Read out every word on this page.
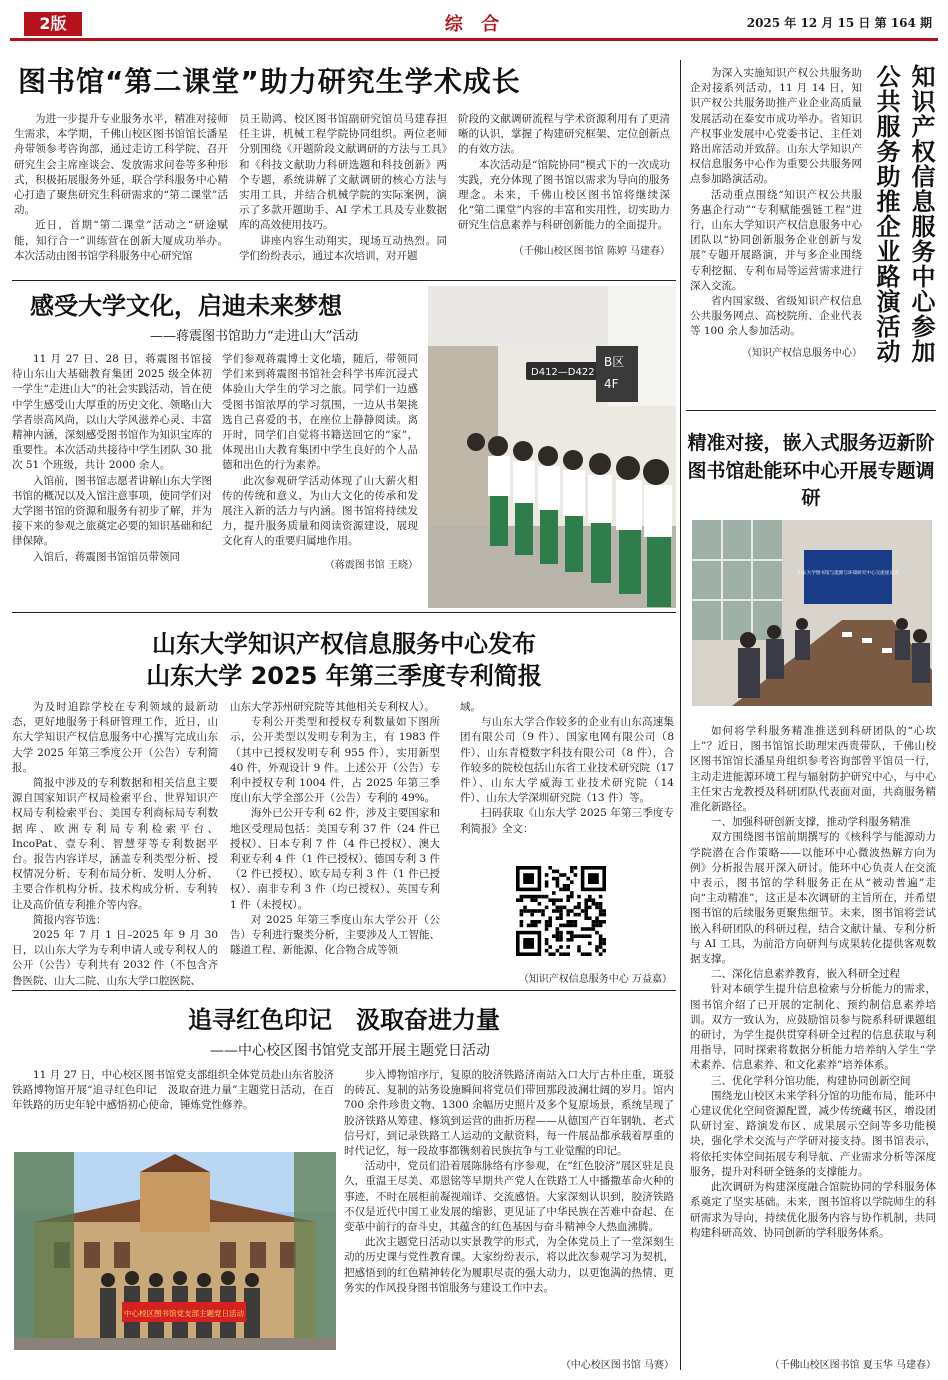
2版	综 合	2025 年 12 月 15 日 第 164 期
图书馆“第二课堂”助力研究生学术成长

为进一步提升专业服务水平，精准对接师生需求，本学期，千佛山校区图书馆馆长潘星舟带领参考咨询部，通过走访工科学院、召开研究生会主席座谈会、发放需求问卷等多种形式，积极拓展服务外延，联合学科服务中心精心打造了聚焦研究生科研需求的“第二课堂”活动。

近日，首期“第二课堂”活动之“研途赋能，知行合一”训练营在创新大厦成功举办。本次活动由图书馆学科服务中心研究馆

员王勋鸿、校区图书馆副研究馆员马建春担任主讲，机械工程学院协同组织。两位老师分别围绕《开题阶段文献调研的方法与工具》和《科技文献助力科研选题和科技创新》两个专题，系统讲解了文献调研的核心方法与实用工具，并结合机械学院的实际案例，演示了多款开题助手、AI 学术工具及专业数据库的高效使用技巧。

讲座内容生动翔实，现场互动热烈。同学们纷纷表示，通过本次培训，对开题

阶段的文献调研流程与学术资源利用有了更清晰的认识，掌握了构建研究框架、定位创新点的有效方法。

本次活动是“馆院协同”模式下的一次成功实践，充分体现了图书馆以需求为导向的服务理念。未来，千佛山校区图书馆将继续深化“第二课堂”内容的丰富和实用性，切实助力研究生信息素养与科研创新能力的全面提升。

（千佛山校区图书馆 陈婷 马建春）

为深入实施知识产权公共服务助企对接系列活动，11 月 14 日，知识产权公共服务助推产业企业高质量发展活动在泰安市成功举办。省知识产权事业发展中心党委书记、主任刘路出席活动并致辞。山东大学知识产权信息服务中心作为重要公共服务网点参加路演活动。

活动重点围绕“知识产权公共服务惠企行动”“专利赋能强链工程”进行，山东大学知识产权信息服务中心团队以“协同创新服务企业创新与发展”专题开展路演，并与多企业围绕专利挖掘、专利布局等运营需求进行深入交流。

省内国家级、省级知识产权信息公共服务网点、高校院所、企业代表等 100 余人参加活动。

（知识产权信息服务中心） 知识产权信息服务中心参加
公共服务助推企业路演活动
感受大学文化，启迪未来梦想
——蒋震图书馆助力“走进山大”活动

11 月 27 日、28 日，蒋震图书馆接待山东山大基础教育集团 2025 级全体初一学生“走进山大”的社会实践活动，旨在使中学生感受山大厚重的历史文化、领略山大学者崇高风尚，以山大学风滋养心灵、丰富精神内涵，深刻感受图书馆作为知识宝库的重要性。本次活动共接待中学生团队 30 批次 51 个班级，共计 2000 余人。

入馆前，图书馆志愿者讲解山东大学图书馆的概况以及入馆注意事项，使同学们对大学图书馆的资源和服务有初步了解，并为接下来的参观之旅奠定必要的知识基础和纪律保障。

入馆后，蒋震图书馆馆员带领同

学们参观蒋震博士文化墙，随后，带领同学们来到蒋震图书馆社会科学书库沉浸式体验山大学生的学习之旅。同学们一边感受图书馆浓厚的学习氛围，一边从书架挑选自己喜爱的书，在座位上静静阅读。离开时，同学们自觉将书籍送回它的“家”，体现出山大教育集团中学生良好的个人品德和出色的行为素养。

此次参观研学活动体现了山大薪火相传的传统和意义，为山大文化的传承和发展注入新的活力与内涵。图书馆将持续发力，提升服务质量和阅读资源建设，展现文化育人的重要归属地作用。

（蒋震图书馆 王晓）
D412—D422
B区
4F
山东大学知识产权信息服务中心发布
山东大学 2025 年第三季度专利简报

为及时追踪学校在专利领域的最新动态，更好地服务于科研管理工作，近日，山东大学知识产权信息服务中心撰写完成山东大学 2025 年第三季度公开（公告）专利简报。

简报中涉及的专利数据和相关信息主要源自国家知识产权局检索平台、世界知识产权局专利检索平台、美国专利商标局专利数据库、欧洲专利局专利检索平台、IncoPat、壹专利、智慧芽等专利数据平台。报告内容详尽，涵盖专利类型分析、授权情况分析、专利布局分析、发明人分析、主要合作机构分析、技术构成分析、专利转让及高价值专利推介等内容。

简报内容节选：

2025 年 7 月 1 日–2025 年 9 月 30 日，以山东大学为专利申请人或专利权人的公开（公告）专利共有 2032 件（不包含齐鲁医院、山大二院、山东大学口腔医院、

山东大学苏州研究院等其他相关专利权人）。

专利公开类型和授权专利数量如下图所示，公开类型以发明专利为主，有 1983 件（其中已授权发明专利 955 件），实用新型 40 件，外观设计 9 件。上述公开（公告）专利中授权专利 1004 件，占 2025 年第三季度山东大学全部公开（公告）专利的 49%。

海外已公开专利 62 件，涉及主要国家和地区受理局包括：美国专利 37 件（24 件已授权）、日本专利 7 件（4 件已授权）、澳大利亚专利 4 件（1 件已授权）、德国专利 3 件（2 件已授权）、欧专局专利 3 件（1 件已授权）、南非专利 3 件（均已授权）、英国专利 1 件（未授权）。

对 2025 年第三季度山东大学公开（公告）专利进行聚类分析，主要涉及人工智能、隧道工程、新能源、化合物合成等领

域。

与山东大学合作较多的企业有山东高速集团有限公司（9 件）、国家电网有限公司（8 件）、山东青橙数字科技有限公司（8 件），合作较多的院校包括山东省工业技术研究院（17 件）、山东大学威海工业技术研究院（14 件）、山东大学深圳研究院（13 件）等。

扫码获取《山东大学 2025 年第三季度专利简报》全文：

（知识产权信息服务中心 万益嘉）
追寻红色印记　汲取奋进力量
——中心校区图书馆党支部开展主题党日活动

11 月 27 日，中心校区图书馆党支部组织全体党员赴山东省胶济铁路博物馆开展“追寻红色印记　汲取奋进力量”主题党日活动，在百年铁路的历史年轮中感悟初心使命，锤炼党性修养。

中心校区图书馆党支部主题党日活动

步入博物馆序厅，复原的胶济铁路济南站入口大厅古朴庄重，斑驳的砖瓦、复制的站务设施瞬间将党员们带回那段波澜壮阔的岁月。馆内 700 余件珍贵文物、1300 余幅历史照片及多个复原场景，系统呈现了胶济铁路从筹建、修筑到运营的曲折历程——从德国产百年钢轨、老式信号灯，到记录铁路工人运动的文献资料，每一件展品都承载着厚重的时代记忆，每一段故事都镌刻着民族抗争与工业觉醒的印记。

活动中，党员们沿着展陈脉络有序参观，在“红色胶济”展区驻足良久，重温王尽美、邓恩铭等早期共产党人在铁路工人中播撒革命火种的事迹，不时在展柜前凝视端详、交流感悟。大家深刻认识到，胶济铁路不仅是近代中国工业发展的缩影，更见证了中华民族在苦难中奋起、在变革中前行的奋斗史，其蕴含的红色基因与奋斗精神令人热血沸腾。

此次主题党日活动以实景教学的形式，为全体党员上了一堂深刻生动的历史课与党性教育课。大家纷纷表示，将以此次参观学习为契机，把感悟到的红色精神转化为履职尽责的强大动力，以更饱满的热情、更务实的作风投身图书馆服务与建设工作中去。

（中心校区图书馆 马赛）
精准对接，嵌入式服务迈新阶
图书馆赴能环中心开展专题调研
山东大学图书馆与能源与环境研究中心交流座谈会

如何将学科服务精准推送到科研团队的“心坎上”？近日，图书馆馆长助理宋西贵带队，千佛山校区图书馆馆长潘星舟组织参考咨询部曾平馆员一行，主动走进能源环境工程与辐射防护研究中心，与中心主任宋古龙教授及科研团队代表面对面，共商服务精准化新路径。

一、加强科研创新支撑，推动学科服务精准

双方围绕图书馆前期撰写的《核科学与能源动力学院潜在合作策略——以能环中心微波热解方向为例》分析报告展开深入研讨。能环中心负责人在交流中表示，图书馆的学科服务正在从“被动普遍”走向“主动精准”，这正是本次调研的主旨所在，并希望图书馆的后续服务更聚焦细节。未来，图书馆将尝试嵌入科研团队的科研过程，结合文献计量、专利分析与 AI 工具，为前沿方向研判与成果转化提供客观数据支撑。

二、深化信息素养教育，嵌入科研全过程

针对本硕学生提升信息检索与分析能力的需求，图书馆介绍了已开展的定制化、预约制信息素养培训。双方一致认为，应鼓励馆员参与院系科研课题组的研讨，为学生提供贯穿科研全过程的信息获取与利用指导，同时探索将数据分析能力培养纳入学生“学术素养、信息素养、和文化素养”培养体系。

三、优化学科分馆功能，构建协同创新空间

围绕龙山校区未来学科分馆的功能布局，能环中心建议优化空间资源配置，减少传统藏书区，增设团队研讨室、路演发布区、成果展示空间等多功能模块，强化学术交流与产学研对接支持。图书馆表示，将依托实体空间拓展专利导航、产业需求分析等深度服务，提升对科研全链条的支撑能力。

此次调研为构建深度融合馆院协同的学科服务体系奠定了坚实基础。未来，图书馆将以学院师生的科研需求为导向，持续优化服务内容与协作机制，共同构建科研高效、协同创新的学科服务体系。

（千佛山校区图书馆 夏玉华 马建春）
